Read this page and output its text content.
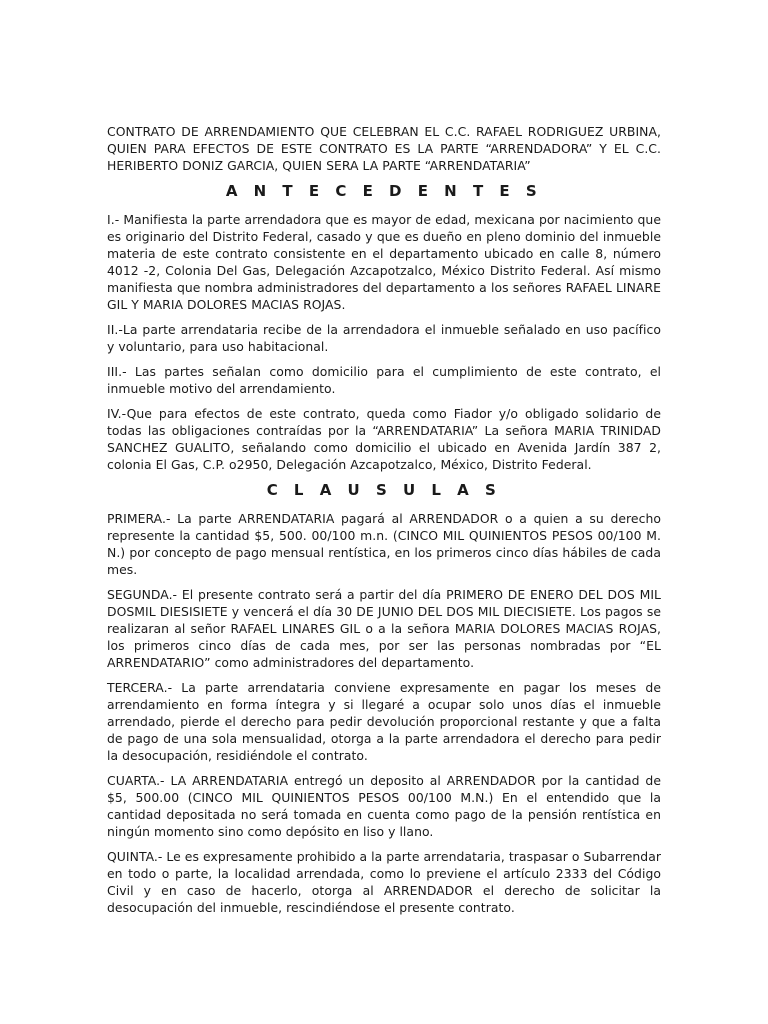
CONTRATO DE ARRENDAMIENTO QUE CELEBRAN EL C.C. RAFAEL RODRIGUEZ URBINA, QUIEN PARA EFECTOS DE ESTE CONTRATO ES LA PARTE “ARRENDADORA” Y EL C.C. HERIBERTO DONIZ GARCIA, QUIEN SERA LA PARTE “ARRENDATARIA”

A N T E C E D E N T E S

I.- Manifiesta la parte arrendadora que es mayor de edad, mexicana por nacimiento que es originario del Distrito Federal, casado y que es dueño en pleno dominio del inmueble materia de este contrato consistente en el departamento ubicado en calle 8, número 4012 -2, Colonia Del Gas, Delegación Azcapotzalco, México Distrito Federal. Así mismo manifiesta que nombra administradores del departamento a los señores RAFAEL LINARE GIL Y MARIA DOLORES MACIAS ROJAS.

II.-La parte arrendataria recibe de la arrendadora el inmueble señalado en uso pacífico y voluntario, para uso habitacional.

III.- Las partes señalan como domicilio para el cumplimiento de este contrato, el inmueble motivo del arrendamiento.

IV.-Que para efectos de este contrato, queda como Fiador y/o obligado solidario de todas las obligaciones contraídas por la “ARRENDATARIA” La señora MARIA TRINIDAD SANCHEZ GUALITO, señalando como domicilio el ubicado en Avenida Jardín 387 2, colonia El Gas, C.P. o2950, Delegación Azcapotzalco, México, Distrito Federal.

C L A U S U L A S

PRIMERA.- La parte ARRENDATARIA pagará al ARRENDADOR o a quien a su derecho represente la cantidad $5, 500. 00/100 m.n. (CINCO MIL QUINIENTOS PESOS 00/100 M. N.) por concepto de pago mensual rentística, en los primeros cinco días hábiles de cada mes.

SEGUNDA.- El presente contrato será a partir del día PRIMERO DE ENERO DEL DOS MIL DOSMIL DIESISIETE y vencerá el día 30 DE JUNIO DEL DOS MIL DIECISIETE. Los pagos se realizaran al señor RAFAEL LINARES GIL o a la señora MARIA DOLORES MACIAS ROJAS, los primeros cinco días de cada mes, por ser las personas nombradas por “EL ARRENDATARIO” como administradores del departamento.

TERCERA.- La parte arrendataria conviene expresamente en pagar los meses de arrendamiento en forma íntegra y si llegaré a ocupar solo unos días el inmueble arrendado, pierde el derecho para pedir devolución proporcional restante y que a falta de pago de una sola mensualidad, otorga a la parte arrendadora el derecho para pedir la desocupación, residiéndole el contrato.

CUARTA.- LA ARRENDATARIA entregó un deposito al ARRENDADOR por la cantidad de $5, 500.00 (CINCO MIL QUINIENTOS PESOS 00/100 M.N.) En el entendido que la cantidad depositada no será tomada en cuenta como pago de la pensión rentística en ningún momento sino como depósito en liso y llano.

QUINTA.- Le es expresamente prohibido a la parte arrendataria, traspasar o Subarrendar en todo o parte, la localidad arrendada, como lo previene el artículo 2333 del Código Civil y en caso de hacerlo, otorga al ARRENDADOR el derecho de solicitar la desocupación del inmueble, rescindiéndose el presente contrato.
